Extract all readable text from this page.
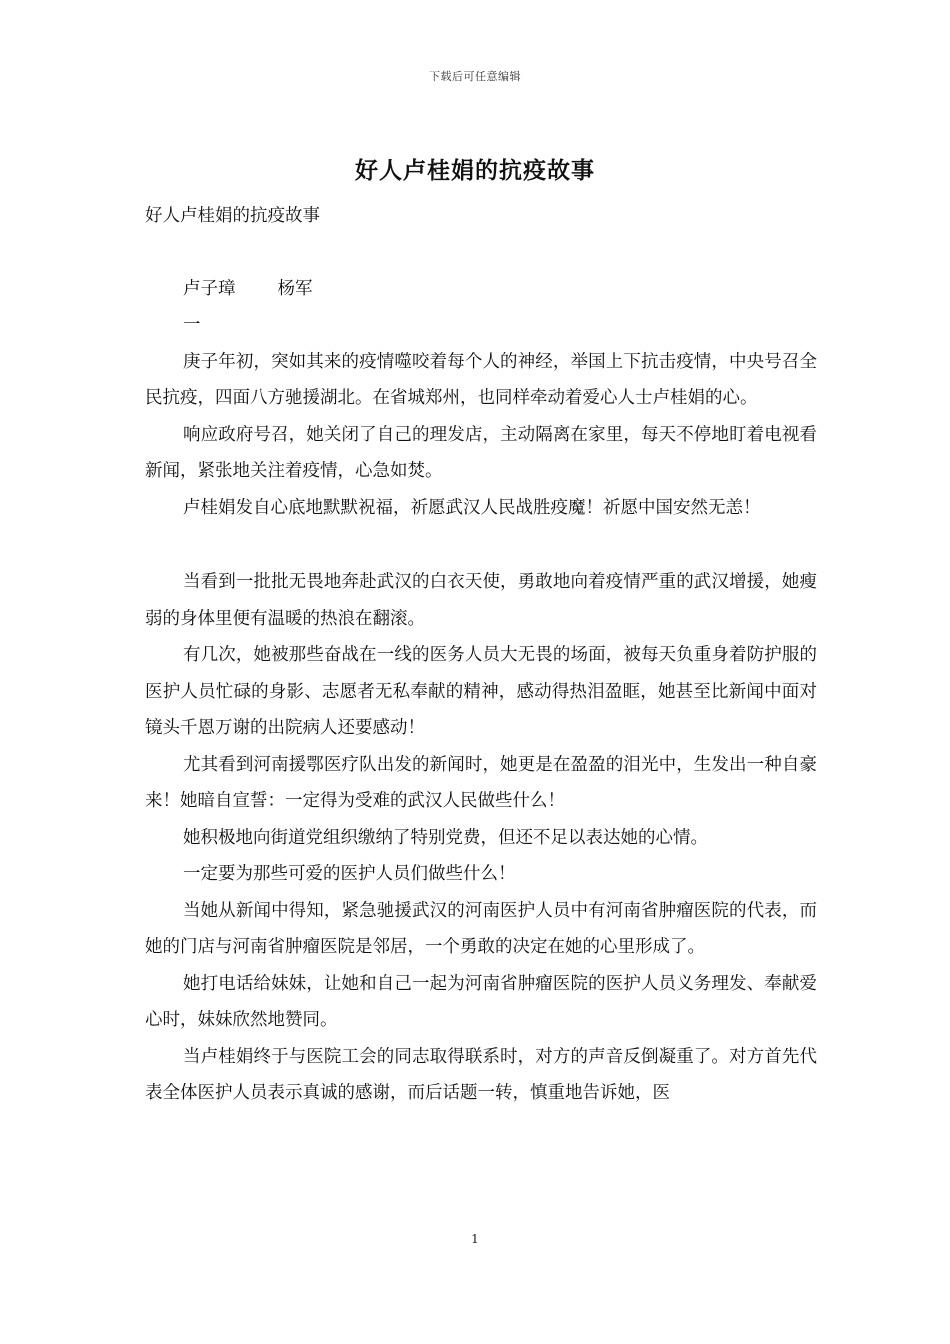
下载后可任意编辑
好人卢桂娟的抗疫故事

好人卢桂娟的抗疫故事

卢子璋 杨军

一

庚子年初，突如其来的疫情噬咬着每个人的神经，举国上下抗击疫情，中央号召全民抗疫，四面八方驰援湖北。在省城郑州，也同样牵动着爱心人士卢桂娟的心。

响应政府号召，她关闭了自己的理发店，主动隔离在家里，每天不停地盯着电视看新闻，紧张地关注着疫情，心急如焚。

卢桂娟发自心底地默默祝福，祈愿武汉人民战胜疫魔！祈愿中国安然无恙！

当看到一批批无畏地奔赴武汉的白衣天使，勇敢地向着疫情严重的武汉增援，她瘦弱的身体里便有温暖的热浪在翻滚。

有几次，她被那些奋战在一线的医务人员大无畏的场面，被每天负重身着防护服的医护人员忙碌的身影、志愿者无私奉献的精神，感动得热泪盈眶，她甚至比新闻中面对镜头千恩万谢的出院病人还要感动！

尤其看到河南援鄂医疗队出发的新闻时，她更是在盈盈的泪光中，生发出一种自豪来！她暗自宣誓：一定得为受难的武汉人民做些什么！

她积极地向街道党组织缴纳了特别党费，但还不足以表达她的心情。

一定要为那些可爱的医护人员们做些什么！

当她从新闻中得知，紧急驰援武汉的河南医护人员中有河南省肿瘤医院的代表，而她的门店与河南省肿瘤医院是邻居，一个勇敢的决定在她的心里形成了。

她打电话给妹妹，让她和自己一起为河南省肿瘤医院的医护人员义务理发、奉献爱心时，妹妹欣然地赞同。

当卢桂娟终于与医院工会的同志取得联系时，对方的声音反倒凝重了。对方首先代表全体医护人员表示真诚的感谢，而后话题一转，慎重地告诉她，医

1
